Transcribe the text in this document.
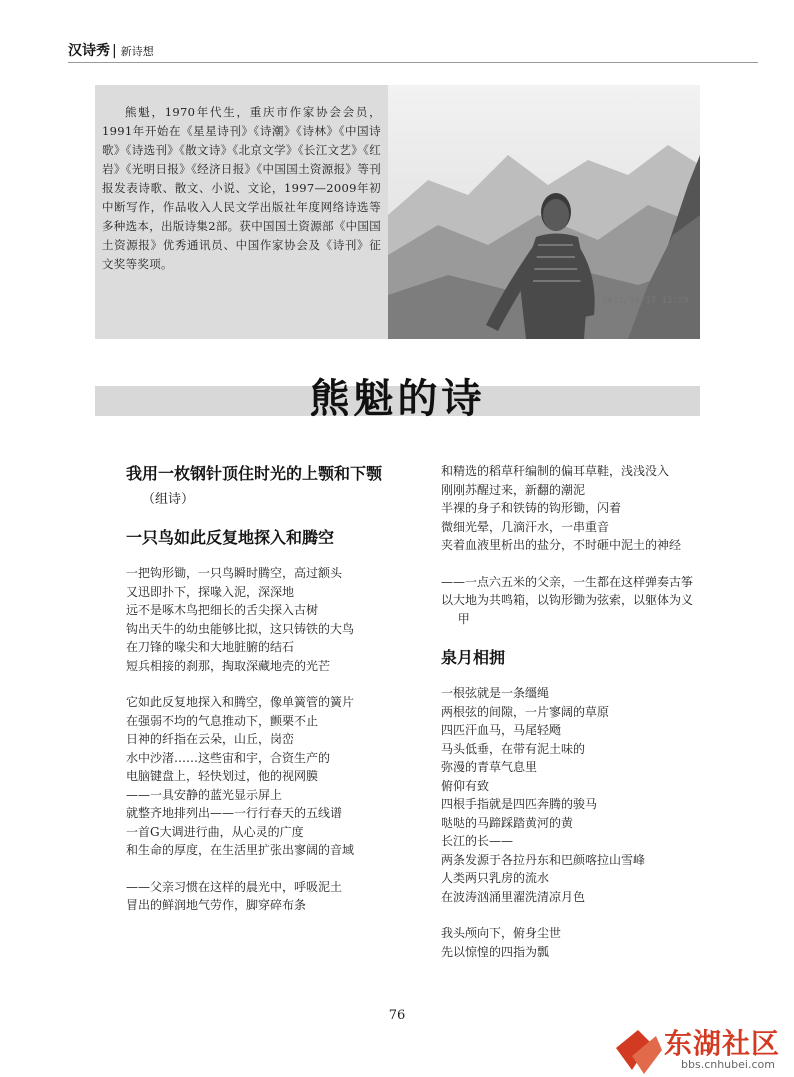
汉诗秀 | 新诗想
熊魁，1970年代生，重庆市作家协会会员，1991年开始在《星星诗刊》《诗潮》《诗林》《中国诗歌》《诗选刊》《散文诗》《北京文学》《长江文艺》《红岩》《光明日报》《经济日报》《中国国土资源报》等刊报发表诗歌、散文、小说、文论，1997—2009年初中断写作，作品收入人民文学出版社年度网络诗选等多种选本，出版诗集2部。获中国国土资源部《中国国土资源报》优秀通讯员、中国作家协会及《诗刊》征文奖等奖项。
2012/09/17 12:29
熊魁的诗
我用一枚钢针顶住时光的上颚和下颚（组诗）
一只鸟如此反复地探入和腾空
一把钩形锄，一只鸟瞬时腾空，高过额头
又迅即扑下，探喙入泥，深深地
远不是啄木鸟把细长的舌尖探入古树
钩出天牛的幼虫能够比拟，这只铸铁的大鸟
在刀锋的喙尖和大地脏腑的结石
短兵相接的刹那，掏取深藏地壳的光芒
它如此反复地探入和腾空，像单簧管的簧片
在强弱不均的气息推动下，颤栗不止
日神的纤指在云朵，山丘，岗峦
水中沙渚……这些宙和宇，合资生产的
电脑键盘上，轻快划过，他的视网膜
——一具安静的蓝光显示屏上
就整齐地排列出——一行行春天的五线谱
一首G大调进行曲，从心灵的广度
和生命的厚度，在生活里扩张出寥阔的音域
——父亲习惯在这样的晨光中，呼吸泥土
冒出的鲜润地气劳作，脚穿碎布条
和精选的稻草秆编制的偏耳草鞋，浅浅没入
刚刚苏醒过来，新翻的潮泥
半裸的身子和铁铸的钩形锄，闪着
微细光晕，几滴汗水，一串重音
夹着血液里析出的盐分，不时砸中泥土的神经
——一点六五米的父亲，一生都在这样弹奏古筝
以大地为共鸣箱，以钩形锄为弦索，以躯体为义甲
泉月相拥
一根弦就是一条缰绳
两根弦的间隙，一片寥阔的草原
四匹汗血马，马尾轻飏
马头低垂，在带有泥土味的
弥漫的青草气息里
俯仰有致
四根手指就是四匹奔腾的骏马
哒哒的马蹄踩踏黄河的黄
长江的长——
两条发源于各拉丹东和巴颜喀拉山雪峰
人类两只乳房的流水
在波涛汹涌里濯洗清凉月色
我头颅向下，俯身尘世
先以惊惶的四指为瓢
76
东湖社区
bbs.cnhubei.com
